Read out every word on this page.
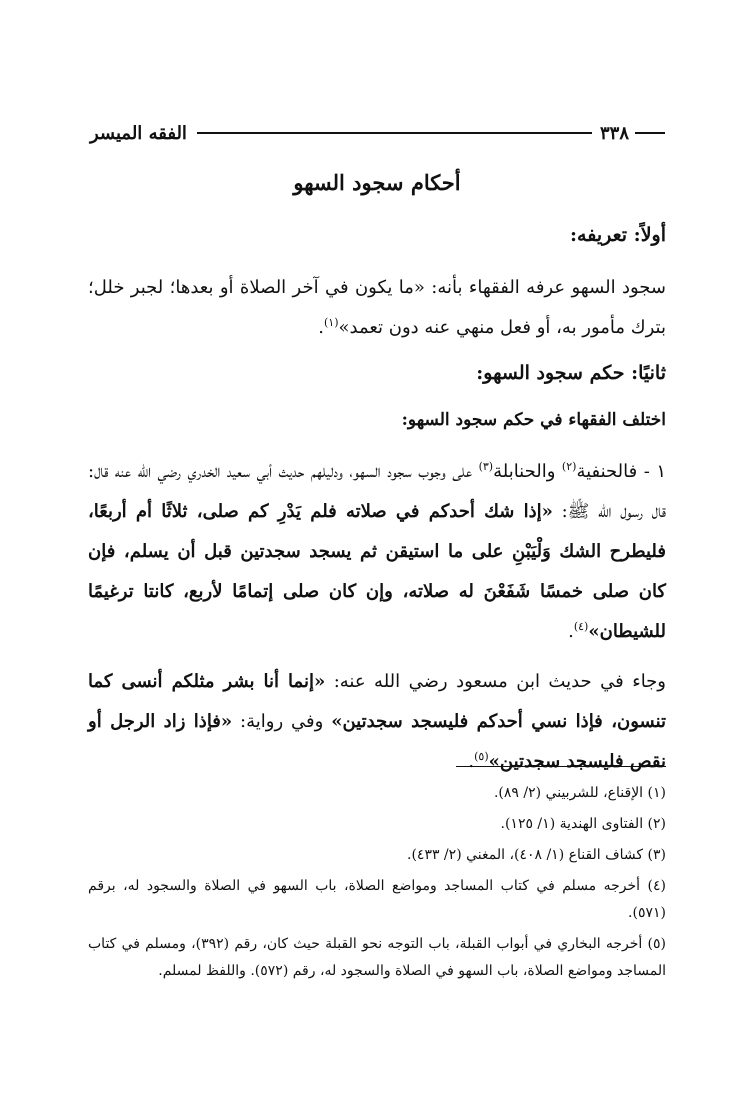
٣٣٨
الفقه الميسر
أحكام سجود السهو
أولاً: تعريفه:

سجود السهو عرفه الفقهاء بأنه: «ما يكون في آخر الصلاة أو بعدها؛ لجبر خلل؛ بترك مأمور به، أو فعل منهي عنه دون تعمد»$^{(١)}$.

ثانيًا: حكم سجود السهو:
اختلف الفقهاء في حكم سجود السهو:

١ - فالحنفية$^{(٢)}$ والحنابلة$^{(٣)}$ على وجوب سجود السهو، ودليلهم حديث أبي سعيد الخدري رضي الله عنه قال: قال رسول الله ﷺ: «إذا شك أحدكم في صلاته فلم يَدْرِ كم صلى، ثلاثًا أم أربعًا، فليطرح الشك وَلْيَبْنِ على ما استيقن ثم يسجد سجدتين قبل أن يسلم، فإن كان صلى خمسًا شَفَعْنَ له صلاته، وإن كان صلى إتمامًا لأربع، كانتا ترغيمًا للشيطان»$^{(٤)}$.

وجاء في حديث ابن مسعود رضي الله عنه: «إنما أنا بشر مثلكم أنسى كما تنسون، فإذا نسي أحدكم فليسجد سجدتين» وفي رواية: «فإذا زاد الرجل أو نقص فليسجد سجدتين»$^{(٥)}$.

(١) الإقناع، للشربيني (٢/ ٨٩).
(٢) الفتاوى الهندية (١/ ١٢٥).
(٣) كشاف القناع (١/ ٤٠٨)، المغني (٢/ ٤٣٣).
(٤) أخرجه مسلم في كتاب المساجد ومواضع الصلاة، باب السهو في الصلاة والسجود له، برقم (٥٧١).
(٥) أخرجه البخاري في أبواب القبلة، باب التوجه نحو القبلة حيث كان، رقم (٣٩٢)، ومسلم في كتاب المساجد ومواضع الصلاة، باب السهو في الصلاة والسجود له، رقم (٥٧٢). واللفظ لمسلم.
